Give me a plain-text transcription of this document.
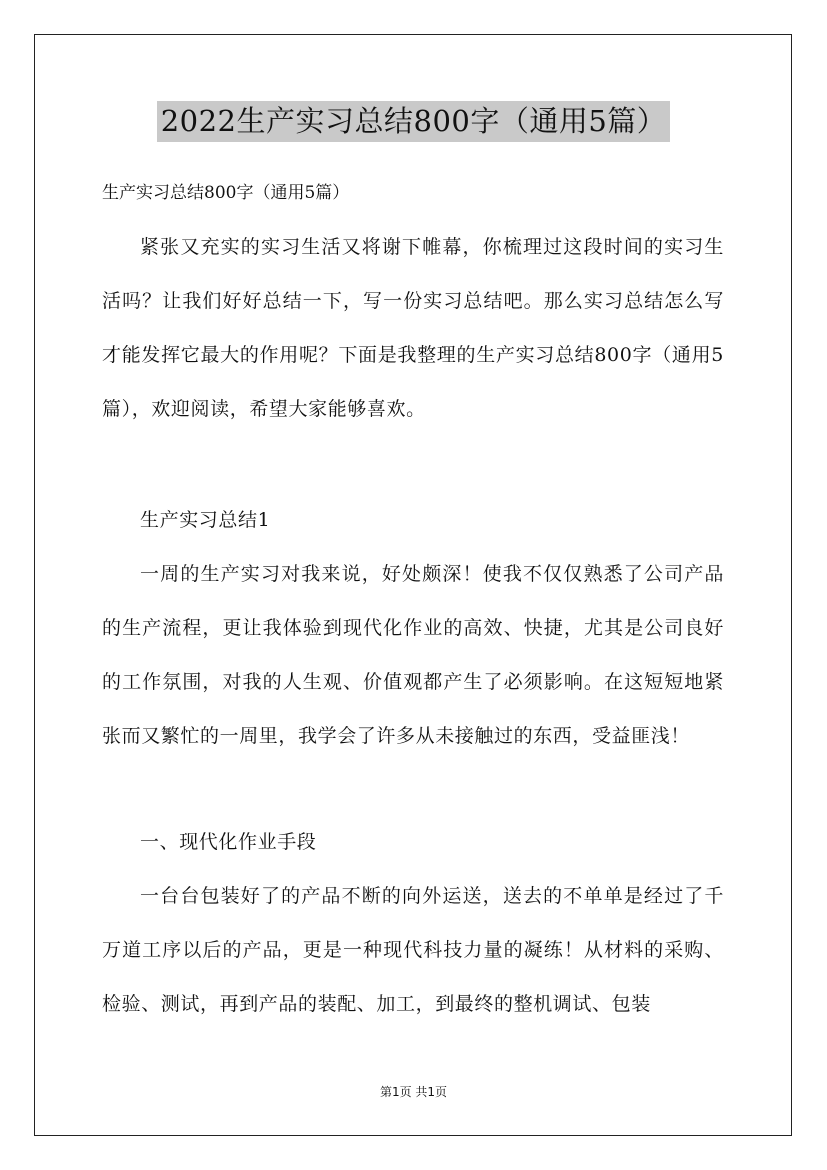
2022生产实习总结800字（通用5篇）
生产实习总结800字（通用5篇）

紧张又充实的实习生活又将谢下帷幕，你梳理过这段时间的实习生活吗？让我们好好总结一下，写一份实习总结吧。那么实习总结怎么写才能发挥它最大的作用呢？下面是我整理的生产实习总结800字（通用5篇），欢迎阅读，希望大家能够喜欢。

生产实习总结1

一周的生产实习对我来说，好处颇深！使我不仅仅熟悉了公司产品的生产流程，更让我体验到现代化作业的高效、快捷，尤其是公司良好的工作氛围，对我的人生观、价值观都产生了必须影响。在这短短地紧张而又繁忙的一周里，我学会了许多从未接触过的东西，受益匪浅！

一、现代化作业手段

一台台包装好了的产品不断的向外运送，送去的不单单是经过了千万道工序以后的产品，更是一种现代科技力量的凝练！从材料的采购、检验、测试，再到产品的装配、加工，到最终的整机调试、包装

第1页 共1页
